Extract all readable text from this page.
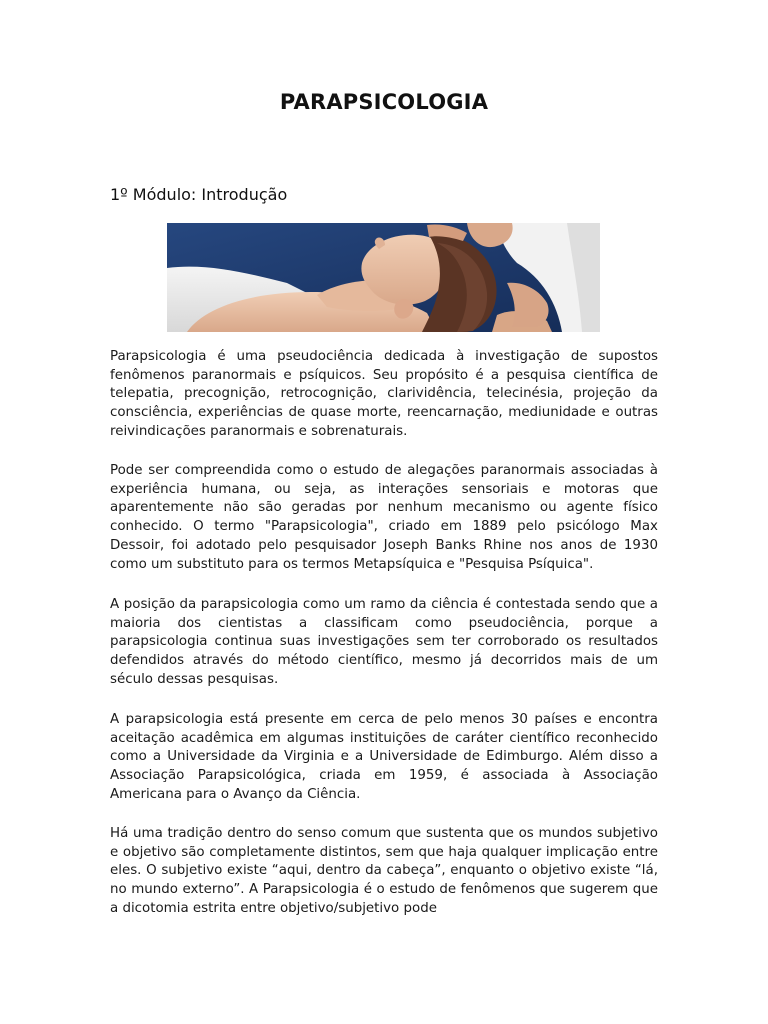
PARAPSICOLOGIA
1º Módulo: Introdução

Parapsicologia é uma pseudociência dedicada à investigação de supostos fenômenos paranormais e psíquicos. Seu propósito é a pesquisa científica de telepatia, precognição, retrocognição, clarividência, telecinésia, projeção da consciência, experiências de quase morte, reencarnação, mediunidade e outras reivindicações paranormais e sobrenaturais.

Pode ser compreendida como o estudo de alegações paranormais associadas à experiência humana, ou seja, as interações sensoriais e motoras que aparentemente não são geradas por nenhum mecanismo ou agente físico conhecido. O termo "Parapsicologia", criado em 1889 pelo psicólogo Max Dessoir, foi adotado pelo pesquisador Joseph Banks Rhine nos anos de 1930 como um substituto para os termos Metapsíquica e "Pesquisa Psíquica".

A posição da parapsicologia como um ramo da ciência é contestada sendo que a maioria dos cientistas a classificam como pseudociência, porque a parapsicologia continua suas investigações sem ter corroborado os resultados defendidos através do método científico, mesmo já decorridos mais de um século dessas pesquisas.

A parapsicologia está presente em cerca de pelo menos 30 países e encontra aceitação acadêmica em algumas instituições de caráter científico reconhecido como a Universidade da Virginia e a Universidade de Edimburgo. Além disso a Associação Parapsicológica, criada em 1959, é associada à Associação Americana para o Avanço da Ciência.

Há uma tradição dentro do senso comum que sustenta que os mundos subjetivo e objetivo são completamente distintos, sem que haja qualquer implicação entre eles. O subjetivo existe “aqui, dentro da cabeça”, enquanto o objetivo existe “lá, no mundo externo”. A Parapsicologia é o estudo de fenômenos que sugerem que a dicotomia estrita entre objetivo/subjetivo pode
